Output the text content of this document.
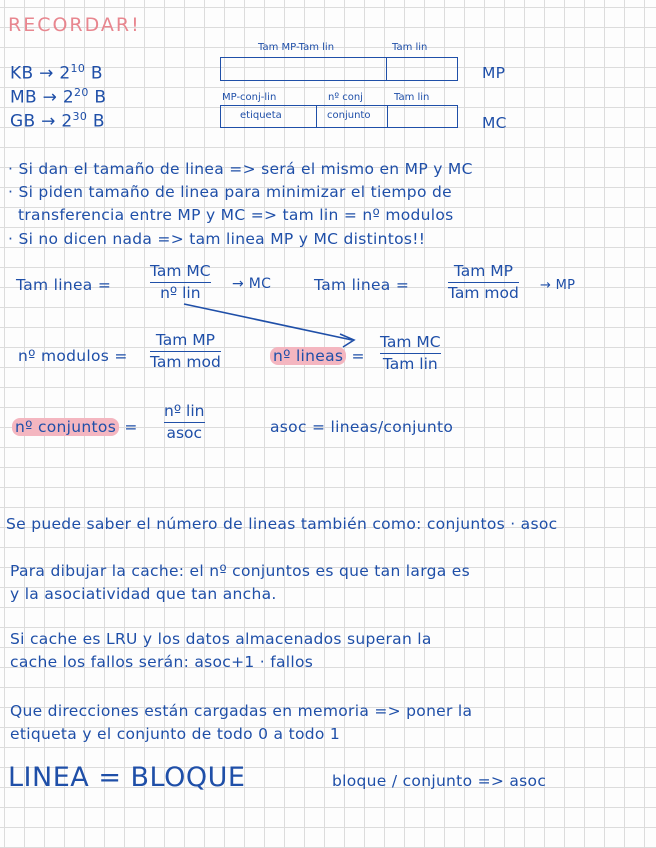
RECORDAR!
KB → $2^{10}$ B
MB → $2^{20}$ B
GB → $2^{30}$ B
Tam MP-Tam lin	Tam lin
MP
MP-conj-lin	nº conj	Tam lin
etiqueta	conjunto	MC
· Si dan el tamaño de linea => será el mismo en MP y MC
· Si piden tamaño de linea para minimizar el tiempo de
transferencia entre MP y MC => tam lin = nº modulos
· Si no dicen nada => tam linea MP y MC distintos!!
Tam linea =
Tam MC
nº lin → MC	Tam linea =
Tam MP
Tam mod → MP
nº modulos =
Tam MP
Tam mod	nº lineas =
Tam MC
Tam lin
nº conjuntos =
nº lin
asoc	asoc = lineas/conjunto
Se puede saber el número de lineas también como: conjuntos · asoc
Para dibujar la cache: el nº conjuntos es que tan larga es
y la asociatividad que tan ancha.
Si cache es LRU y los datos almacenados superan la
cache los fallos serán: asoc+1 · fallos
Que direcciones están cargadas en memoria => poner la
etiqueta y el conjunto de todo 0 a todo 1
LINEA = BLOQUE	bloque / conjunto => asoc
